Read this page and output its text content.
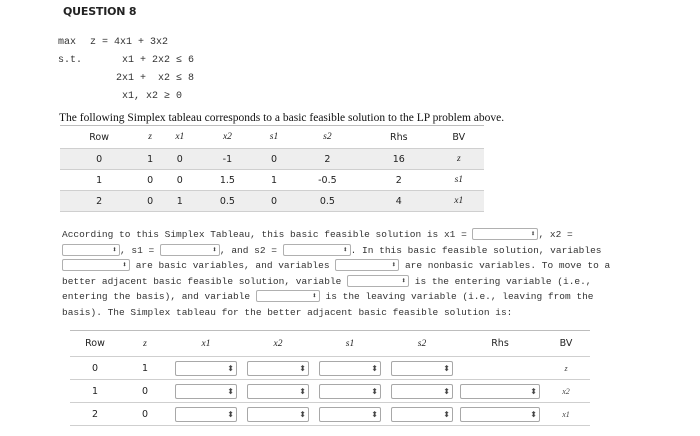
QUESTION 8
max z = 4x1 + 3x2
s.t.	x1 + 2x2 ≤ 6
2x1 +  x2 ≤ 8
x1, x2 ≥ 0
The following Simplex tableau corresponds to a basic feasible solution to the LP problem above.
Row	z	x1	x2	s1	s2	Rhs	BV
0	1	0	-1	0	2	16	z
1	0	0	1.5	1	-0.5	2	s1
2	0	1	0.5	0	0.5	4	x1
According to this Simplex Tableau, this basic feasible solution is x1 =	⬍ , x2 =

⬍ , s1 =	⬍ , and s2 =	⬍ . In this basic feasible solution, variables

⬍ are basic variables, and variables	⬍ are nonbasic variables. To move to a
better adjacent basic feasible solution, variable	⬍ is the entering variable (i.e.,
entering the basis), and variable	⬍ is the leaving variable (i.e., leaving from the
basis). The Simplex tableau for the better adjacent basic feasible solution is:
Row	z	x1	x2	s1	s2	Rhs	BV
0	1	⬍	⬍	⬍	⬍		z
1	0	⬍	⬍	⬍	⬍	⬍	x2
2	0	⬍	⬍	⬍	⬍	⬍	x1
